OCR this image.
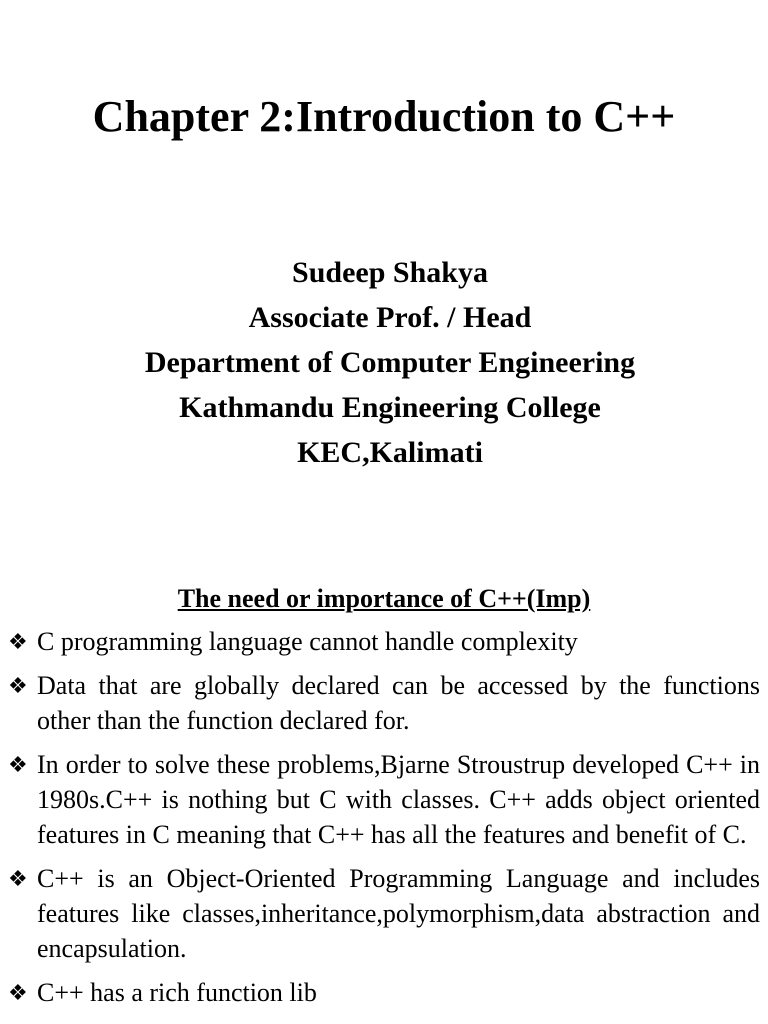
Chapter 2:Introduction to C++
Sudeep Shakya
Associate Prof. / Head
Department of Computer Engineering
Kathmandu Engineering College
KEC,Kalimati
The need or importance of C++(Imp)
❖ C programming language cannot handle complexity
❖ Data that are globally declared can be accessed by the functions other than the function declared for.
❖ In order to solve these problems,Bjarne Stroustrup developed C++ in 1980s.C++ is nothing but C with classes. C++ adds object oriented features in C meaning that C++ has all the features and benefit of C.
❖ C++ is an Object-Oriented Programming Language and includes features like classes,inheritance,polymorphism,data abstraction and encapsulation.
❖ C++ has a rich function lib
